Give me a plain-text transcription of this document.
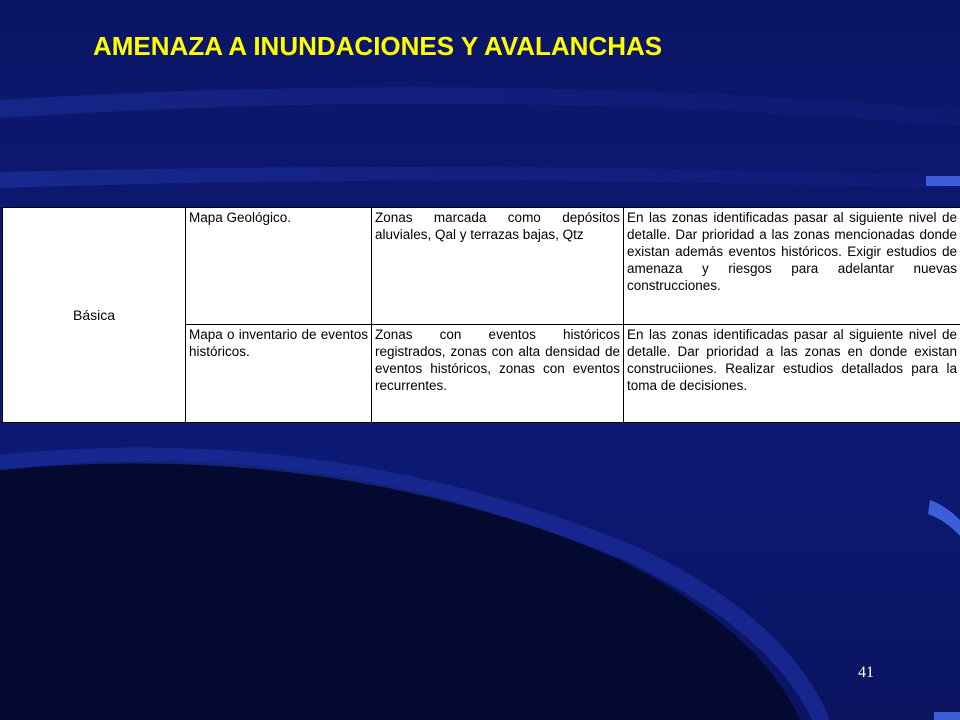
AMENAZA A INUNDACIONES Y AVALANCHAS
Básica	Mapa Geológico.	Zonas marcada como depósitos aluviales, Qal y terrazas bajas, Qtz	En las zonas identificadas pasar al siguiente nivel de detalle. Dar prioridad a las zonas mencionadas donde existan además eventos históricos. Exigir estudios de amenaza y riesgos para adelantar nuevas construcciones.
	Mapa o inventario de eventos históricos.	Zonas con eventos históricos registrados, zonas con alta densidad de eventos históricos, zonas con eventos recurrentes.	En las zonas identificadas pasar al siguiente nivel de detalle. Dar prioridad a las zonas en donde existan construciiones. Realizar estudios detallados para la toma de decisiones.
41
